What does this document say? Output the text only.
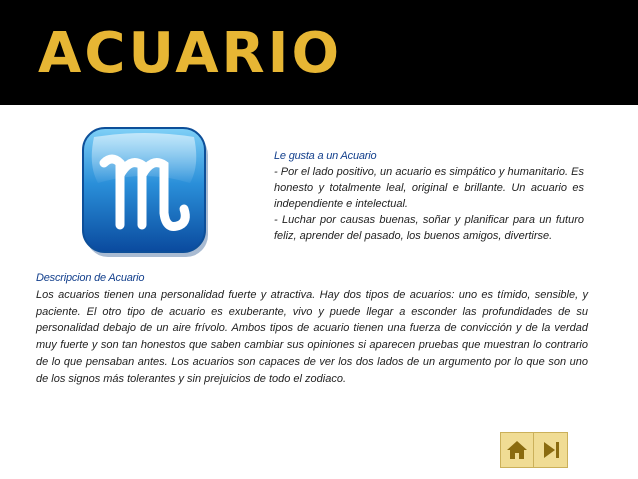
ACUARIO
Le gusta a un Acuario
- Por el lado positivo, un acuario es simpático y humanitario. Es honesto y totalmente leal, original e brillante. Un acuario es independiente e intelectual.
- Luchar por causas buenas, soñar y planificar para un futuro feliz, aprender del pasado, los buenos amigos, divertirse.
Descripcion de Acuario
Los acuarios tienen una personalidad fuerte y atractiva. Hay dos tipos de acuarios: uno es tímido, sensible, y paciente. El otro tipo de acuario es exuberante, vivo y puede llegar a esconder las profundidades de su personalidad debajo de un aire frívolo. Ambos tipos de acuario tienen una fuerza de convicción y de la verdad muy fuerte y son tan honestos que saben cambiar sus opiniones si aparecen pruebas que muestran lo contrario de lo que pensaban antes. Los acuarios son capaces de ver los dos lados de un argumento por lo que son uno de los signos más tolerantes y sin prejuicios de todo el zodiaco.
